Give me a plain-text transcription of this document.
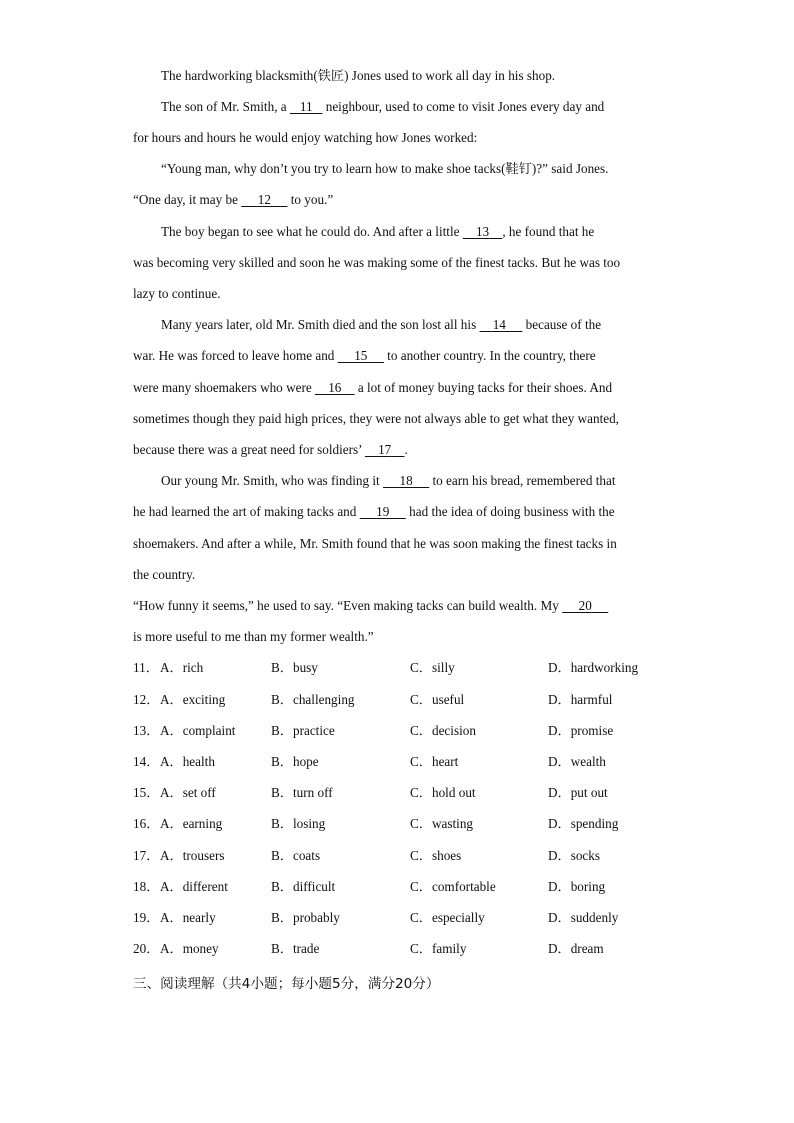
The hardworking blacksmith(铁匠) Jones used to work all day in his shop.
The son of Mr. Smith, a    11    neighbour, used to come to visit Jones every day and
for hours and hours he would enjoy watching how Jones worked:
“Young man, why don’t you try to learn how to make shoe tacks(鞋钉)?” said Jones.
“One day, it may be      12      to you.”
The boy began to see what he could do. And after a little     13 , he found that he
was becoming very skilled and soon he was making some of the finest tacks. But he was too
lazy to continue.
Many years later, old Mr. Smith died and the son lost all his     14      because of the
war. He was forced to leave home and      15      to another country. In the country, there
were many shoemakers who were     16     a lot of money buying tacks for their shoes. And
sometimes though they paid high prices, they were not always able to get what they wanted,
because there was a great need for soldiers’     17 .
Our young Mr. Smith, who was finding it      18      to earn his bread, remembered that
he had learned the art of making tacks and      19      had the idea of doing business with the
shoemakers. And after a while, Mr. Smith found that he was soon making the finest tacks in
the country.
“How funny it seems,” he used to say. “Even making tacks can build wealth. My      20
is more useful to me than my former wealth.”
11． A．rich	B．busy	C．silly	D．hardworking
12． A．exciting	B．challenging	C．useful	D．harmful
13． A．complaint	B．practice	C．decision	D．promise
14． A．health	B．hope	C．heart	D．wealth
15． A．set off	B．turn off	C．hold out	D．put out
16． A．earning	B．losing	C．wasting	D．spending
17． A．trousers	B．coats	C．shoes	D．socks
18． A．different	B．difficult	C．comfortable	D．boring
19． A．nearly	B．probably	C．especially	D．suddenly
20． A．money	B．trade	C．family	D．dream
三、阅读理解（共4小题；每小题5分，满分20分）
